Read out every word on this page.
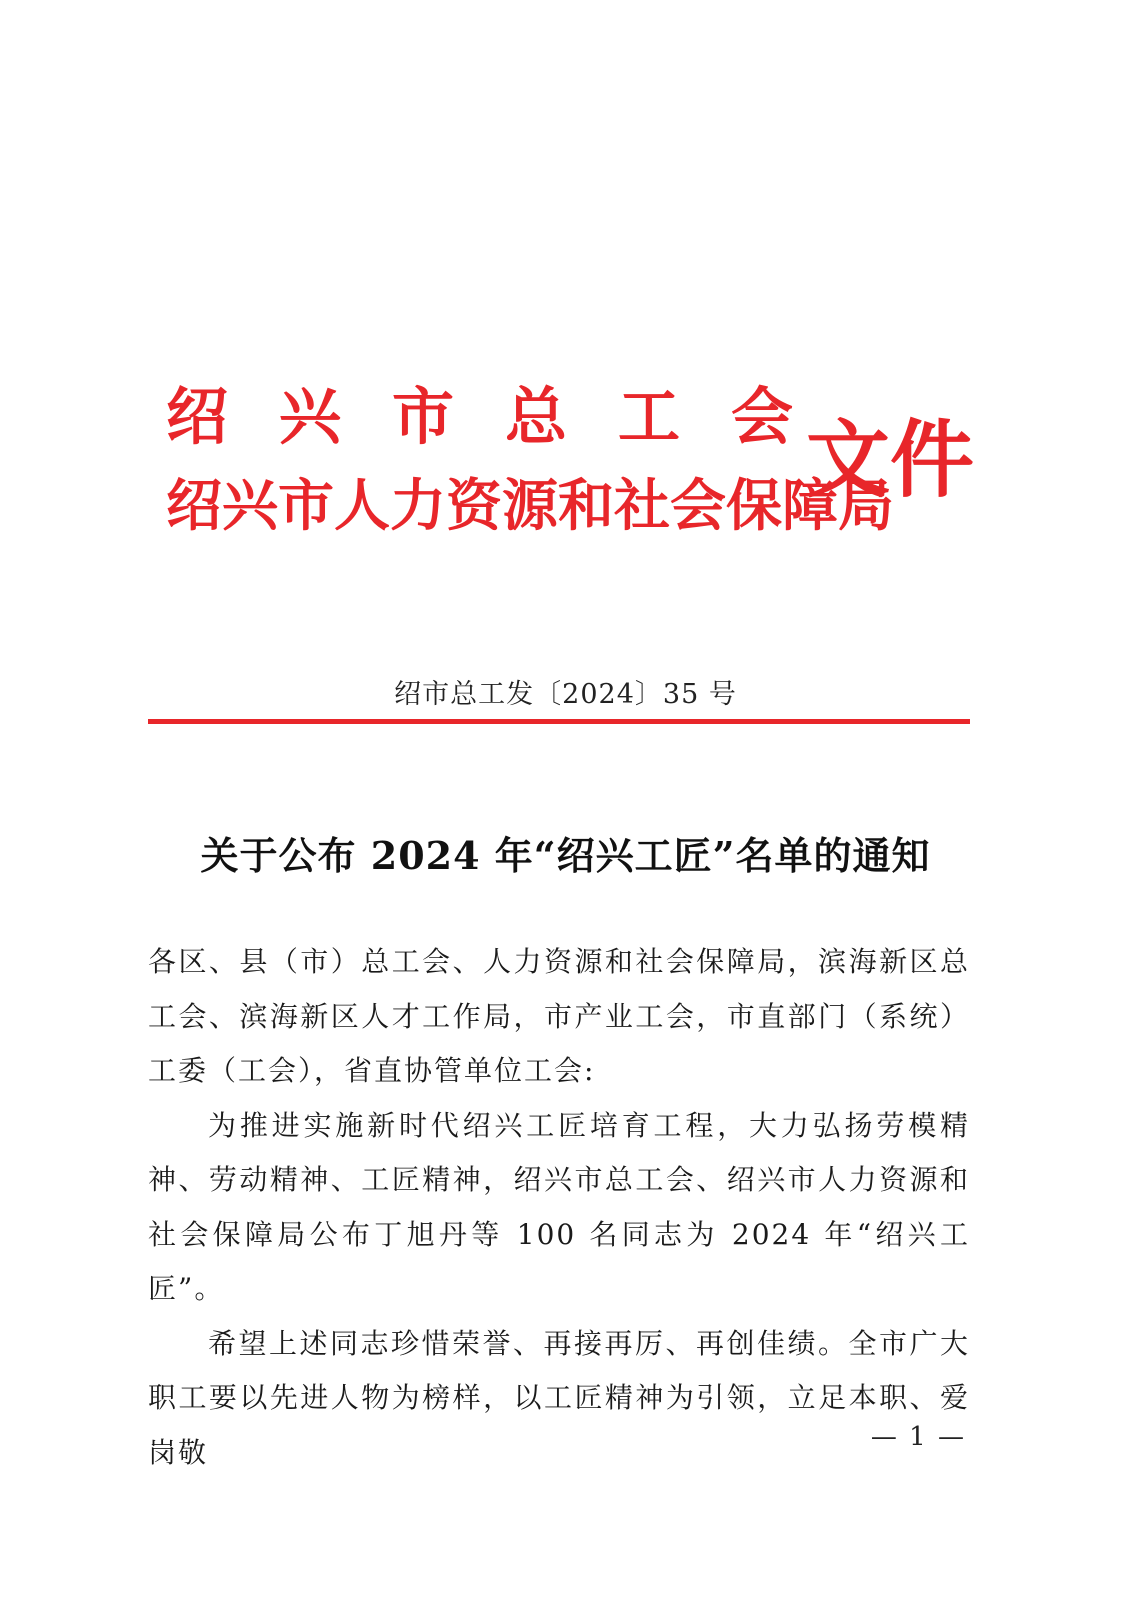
绍 兴 市 总 工 会

绍兴市人力资源和社会保障局

文件

绍市总工发〔2024〕35 号

关于公布 2024 年“绍兴工匠”名单的通知

各区、县（市）总工会、人力资源和社会保障局，滨海新区总工会、滨海新区人才工作局，市产业工会，市直部门（系统）工委（工会），省直协管单位工会:

为推进实施新时代绍兴工匠培育工程，大力弘扬劳模精神、劳动精神、工匠精神，绍兴市总工会、绍兴市人力资源和社会保障局公布丁旭丹等 100 名同志为 2024 年“绍兴工匠”。

希望上述同志珍惜荣誉、再接再厉、再创佳绩。全市广大职工要以先进人物为榜样，以工匠精神为引领，立足本职、爱岗敬	— 1 —
